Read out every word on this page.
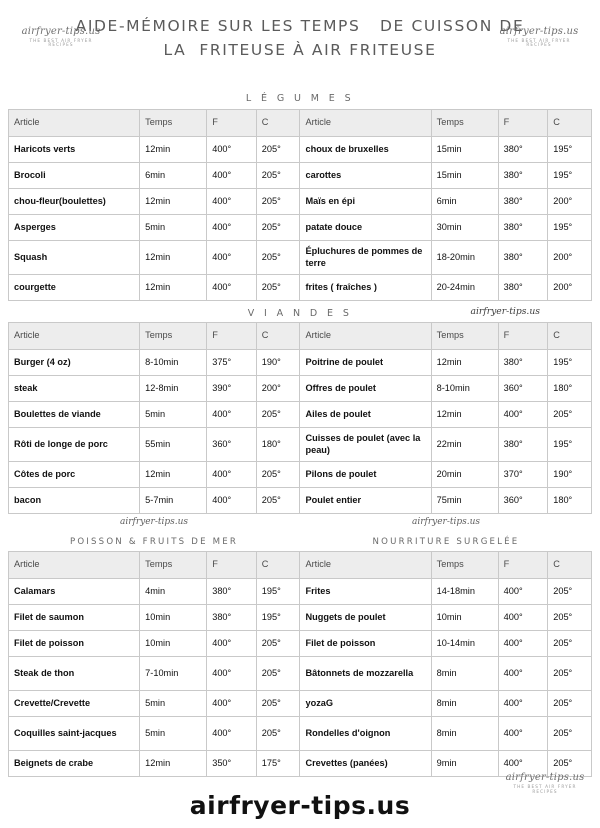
airfryer-tips.us
THE BEST AIR FRYER RECIPES
airfryer-tips.us
THE BEST AIR FRYER RECIPES
AIDE-MÉMOIRE SUR LES TEMPS   DE CUISSON DE
LA  FRITEUSE À AIR FRITEUSE
L É G U M E S
Article	Temps	F	C	Article	Temps	F	C
Haricots verts	12min	400°	205°	choux de bruxelles	15min	380°	195°
Brocoli	6min	400°	205°	carottes	15min	380°	195°
chou-fleur(boulettes)	12min	400°	205°	Maïs en épi	6min	380°	200°
Asperges	5min	400°	205°	patate douce	30min	380°	195°
Squash	12min	400°	205°	Épluchures de pommes de terre	18-20min	380°	200°
courgette	12min	400°	205°	frites ( fraîches )	20-24min	380°	200°
V I A N D E S	airfryer-tips.us
Article	Temps	F	C	Article	Temps	F	C
Burger (4 oz)	8-10min	375°	190°	Poitrine de poulet	12min	380°	195°
steak	12-8min	390°	200°	Offres de poulet	8-10min	360°	180°
Boulettes de viande	5min	400°	205°	Ailes de poulet	12min	400°	205°
Rôti de longe de porc	55min	360°	180°	Cuisses de poulet (avec la peau)	22min	380°	195°
Côtes de porc	12min	400°	205°	Pilons de poulet	20min	370°	190°
bacon	5-7min	400°	205°	Poulet entier	75min	360°	180°
airfryer-tips.us	airfryer-tips.us
POISSON & FRUITS DE MER	NOURRITURE SURGELÉE
Article	Temps	F	C	Article	Temps	F	C
Calamars	4min	380°	195°	Frites	14-18min	400°	205°
Filet de saumon	10min	380°	195°	Nuggets de poulet	10min	400°	205°
Filet de poisson	10min	400°	205°	Filet de poisson	10-14min	400°	205°
Steak de thon	7-10min	400°	205°	Bâtonnets de mozzarella	8min	400°	205°
Crevette/Crevette	5min	400°	205°	yozaG	8min	400°	205°
Coquilles saint-jacques	5min	400°	205°	Rondelles d'oignon	8min	400°	205°
Beignets de crabe	12min	350°	175°	Crevettes (panées)	9min	400°	205°
airfryer-tips.us
THE BEST AIR FRYER RECIPES
airfryer-tips.us
